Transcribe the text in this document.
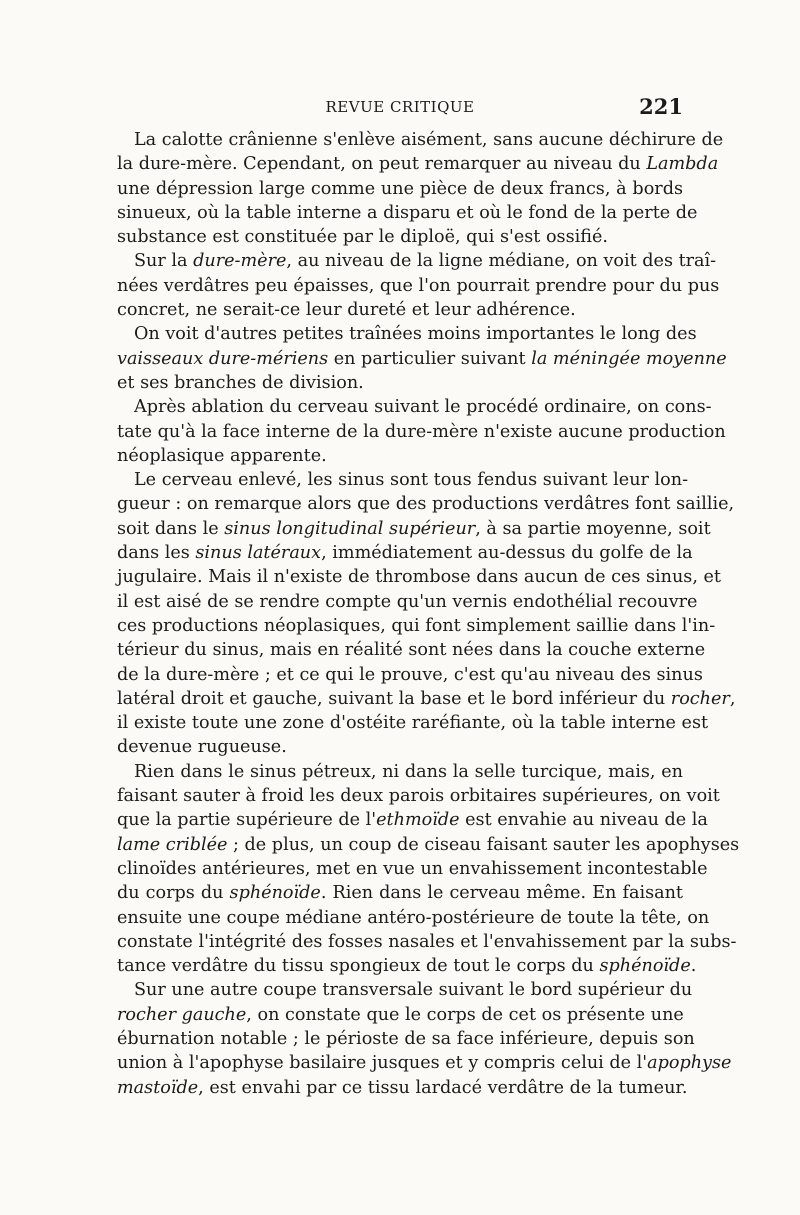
REVUE CRITIQUE	221
La calotte crânienne s'enlève aisément, sans aucune déchirure de
la dure-mère. Cependant, on peut remarquer au niveau du Lambda
une dépression large comme une pièce de deux francs, à bords
sinueux, où la table interne a disparu et où le fond de la perte de
substance est constituée par le diploë, qui s'est ossifié.
Sur la dure-mère, au niveau de la ligne médiane, on voit des traî-
nées verdâtres peu épaisses, que l'on pourrait prendre pour du pus
concret, ne serait-ce leur dureté et leur adhérence.
On voit d'autres petites traînées moins importantes le long des
vaisseaux dure-mériens en particulier suivant la méningée moyenne
et ses branches de division.
Après ablation du cerveau suivant le procédé ordinaire, on cons-
tate qu'à la face interne de la dure-mère n'existe aucune production
néoplasique apparente.
Le cerveau enlevé, les sinus sont tous fendus suivant leur lon-
gueur : on remarque alors que des productions verdâtres font saillie,
soit dans le sinus longitudinal supérieur, à sa partie moyenne, soit
dans les sinus latéraux, immédiatement au-dessus du golfe de la
jugulaire. Mais il n'existe de thrombose dans aucun de ces sinus, et
il est aisé de se rendre compte qu'un vernis endothélial recouvre
ces productions néoplasiques, qui font simplement saillie dans l'in-
térieur du sinus, mais en réalité sont nées dans la couche externe
de la dure-mère ; et ce qui le prouve, c'est qu'au niveau des sinus
latéral droit et gauche, suivant la base et le bord inférieur du rocher,
il existe toute une zone d'ostéite raréfiante, où la table interne est
devenue rugueuse.
Rien dans le sinus pétreux, ni dans la selle turcique, mais, en
faisant sauter à froid les deux parois orbitaires supérieures, on voit
que la partie supérieure de l'ethmoïde est envahie au niveau de la
lame criblée ; de plus, un coup de ciseau faisant sauter les apophyses
clinoïdes antérieures, met en vue un envahissement incontestable
du corps du sphénoïde. Rien dans le cerveau même. En faisant
ensuite une coupe médiane antéro-postérieure de toute la tête, on
constate l'intégrité des fosses nasales et l'envahissement par la subs-
tance verdâtre du tissu spongieux de tout le corps du sphénoïde.
Sur une autre coupe transversale suivant le bord supérieur du
rocher gauche, on constate que le corps de cet os présente une
éburnation notable ; le périoste de sa face inférieure, depuis son
union à l'apophyse basilaire jusques et y compris celui de l'apophyse
mastoïde, est envahi par ce tissu lardacé verdâtre de la tumeur.
